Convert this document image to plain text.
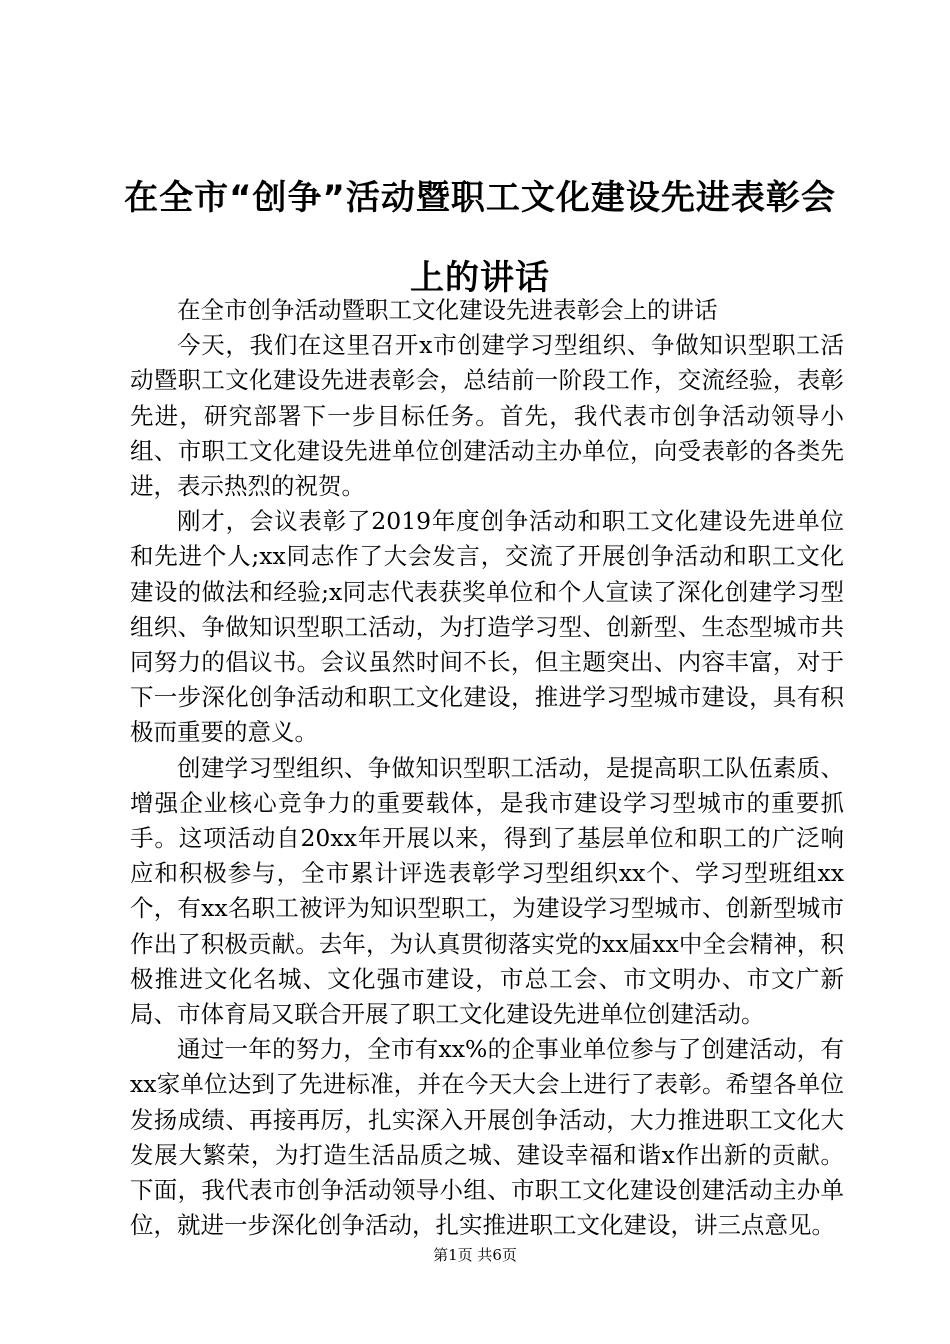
在全市“创争”活动暨职工文化建设先进表彰会上的讲话

在全市创争活动暨职工文化建设先进表彰会上的讲话

今天，我们在这里召开x市创建学习型组织、争做知识型职工活动暨职工文化建设先进表彰会，总结前一阶段工作，交流经验，表彰先进，研究部署下一步目标任务。首先，我代表市创争活动领导小组、市职工文化建设先进单位创建活动主办单位，向受表彰的各类先进，表示热烈的祝贺。

刚才，会议表彰了2019年度创争活动和职工文化建设先进单位和先进个人;xx同志作了大会发言，交流了开展创争活动和职工文化建设的做法和经验;x同志代表获奖单位和个人宣读了深化创建学习型组织、争做知识型职工活动，为打造学习型、创新型、生态型城市共同努力的倡议书。会议虽然时间不长，但主题突出、内容丰富，对于下一步深化创争活动和职工文化建设，推进学习型城市建设，具有积极而重要的意义。

创建学习型组织、争做知识型职工活动，是提高职工队伍素质、增强企业核心竞争力的重要载体，是我市建设学习型城市的重要抓手。这项活动自20xx年开展以来，得到了基层单位和职工的广泛响应和积极参与，全市累计评选表彰学习型组织xx个、学习型班组xx个，有xx名职工被评为知识型职工，为建设学习型城市、创新型城市作出了积极贡献。去年，为认真贯彻落实党的xx届xx中全会精神，积极推进文化名城、文化强市建设，市总工会、市文明办、市文广新局、市体育局又联合开展了职工文化建设先进单位创建活动。

通过一年的努力，全市有xx%的企事业单位参与了创建活动，有xx家单位达到了先进标准，并在今天大会上进行了表彰。希望各单位发扬成绩、再接再厉，扎实深入开展创争活动，大力推进职工文化大发展大繁荣，为打造生活品质之城、建设幸福和谐x作出新的贡献。下面，我代表市创争活动领导小组、市职工文化建设创建活动主办单位，就进一步深化创争活动，扎实推进职工文化建设，讲三点意见。

第1页 共6页
